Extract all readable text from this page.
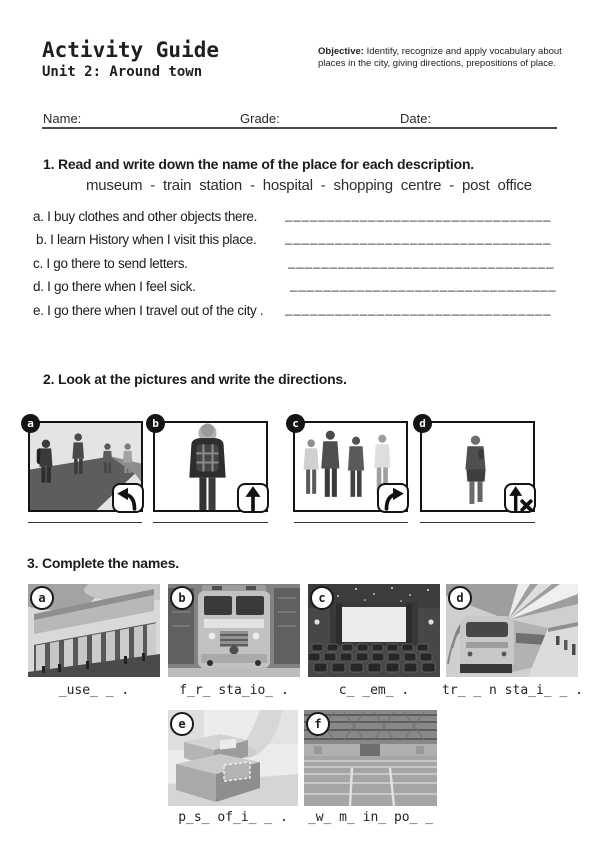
Activity Guide
Unit 2: Around town
Objective: Identify, recognize and apply vocabulary about places in the city, giving directions, prepositions of place.
Name:	Grade:	Date:
1. Read and write down the name of the place for each description.
museum - train station - hospital - shopping centre - post office
a. I buy clothes and other objects there. ________________________________
b. I learn History when I visit this place. ________________________________
c. I go there to send letters.	________________________________
d. I go there when I feel sick.	________________________________
e. I go there when I travel out of the city . ________________________________
2. Look at the pictures and write the directions.
a	b	c	d
3. Complete the names.
a	b	c	d
e	f
_use_ _ .	f_r_ sta_io_ .	c_ _em_ .	tr_ _ n sta_i_ _ .
p_s_ of_i_ _ .	_w_ m_ in_ po_ _
